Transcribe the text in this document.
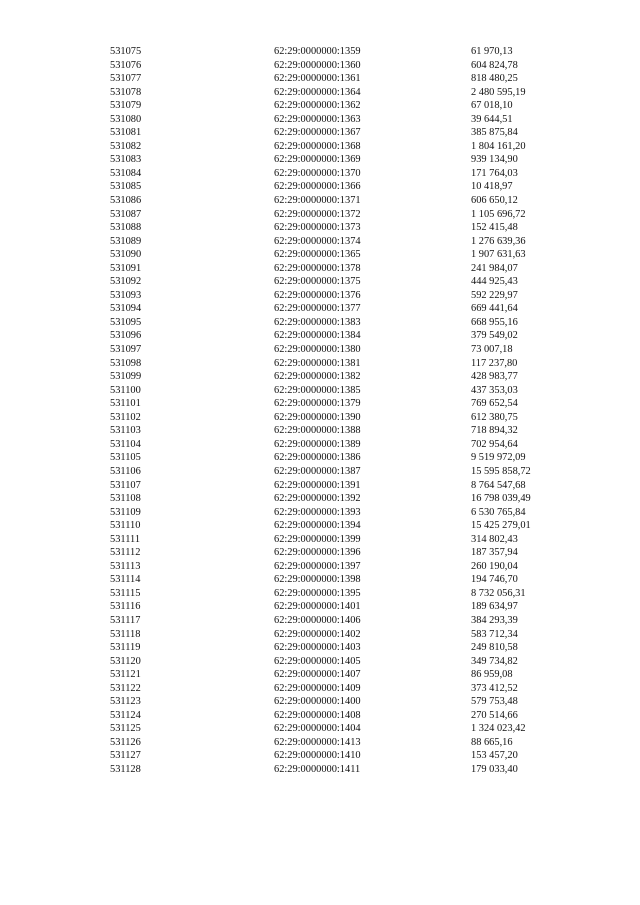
531075	62:29:0000000:1359	61 970,13
531076	62:29:0000000:1360	604 824,78
531077	62:29:0000000:1361	818 480,25
531078	62:29:0000000:1364	2 480 595,19
531079	62:29:0000000:1362	67 018,10
531080	62:29:0000000:1363	39 644,51
531081	62:29:0000000:1367	385 875,84
531082	62:29:0000000:1368	1 804 161,20
531083	62:29:0000000:1369	939 134,90
531084	62:29:0000000:1370	171 764,03
531085	62:29:0000000:1366	10 418,97
531086	62:29:0000000:1371	606 650,12
531087	62:29:0000000:1372	1 105 696,72
531088	62:29:0000000:1373	152 415,48
531089	62:29:0000000:1374	1 276 639,36
531090	62:29:0000000:1365	1 907 631,63
531091	62:29:0000000:1378	241 984,07
531092	62:29:0000000:1375	444 925,43
531093	62:29:0000000:1376	592 229,97
531094	62:29:0000000:1377	669 441,64
531095	62:29:0000000:1383	668 955,16
531096	62:29:0000000:1384	379 549,02
531097	62:29:0000000:1380	73 007,18
531098	62:29:0000000:1381	117 237,80
531099	62:29:0000000:1382	428 983,77
531100	62:29:0000000:1385	437 353,03
531101	62:29:0000000:1379	769 652,54
531102	62:29:0000000:1390	612 380,75
531103	62:29:0000000:1388	718 894,32
531104	62:29:0000000:1389	702 954,64
531105	62:29:0000000:1386	9 519 972,09
531106	62:29:0000000:1387	15 595 858,72
531107	62:29:0000000:1391	8 764 547,68
531108	62:29:0000000:1392	16 798 039,49
531109	62:29:0000000:1393	6 530 765,84
531110	62:29:0000000:1394	15 425 279,01
531111	62:29:0000000:1399	314 802,43
531112	62:29:0000000:1396	187 357,94
531113	62:29:0000000:1397	260 190,04
531114	62:29:0000000:1398	194 746,70
531115	62:29:0000000:1395	8 732 056,31
531116	62:29:0000000:1401	189 634,97
531117	62:29:0000000:1406	384 293,39
531118	62:29:0000000:1402	583 712,34
531119	62:29:0000000:1403	249 810,58
531120	62:29:0000000:1405	349 734,82
531121	62:29:0000000:1407	86 959,08
531122	62:29:0000000:1409	373 412,52
531123	62:29:0000000:1400	579 753,48
531124	62:29:0000000:1408	270 514,66
531125	62:29:0000000:1404	1 324 023,42
531126	62:29:0000000:1413	88 665,16
531127	62:29:0000000:1410	153 457,20
531128	62:29:0000000:1411	179 033,40
